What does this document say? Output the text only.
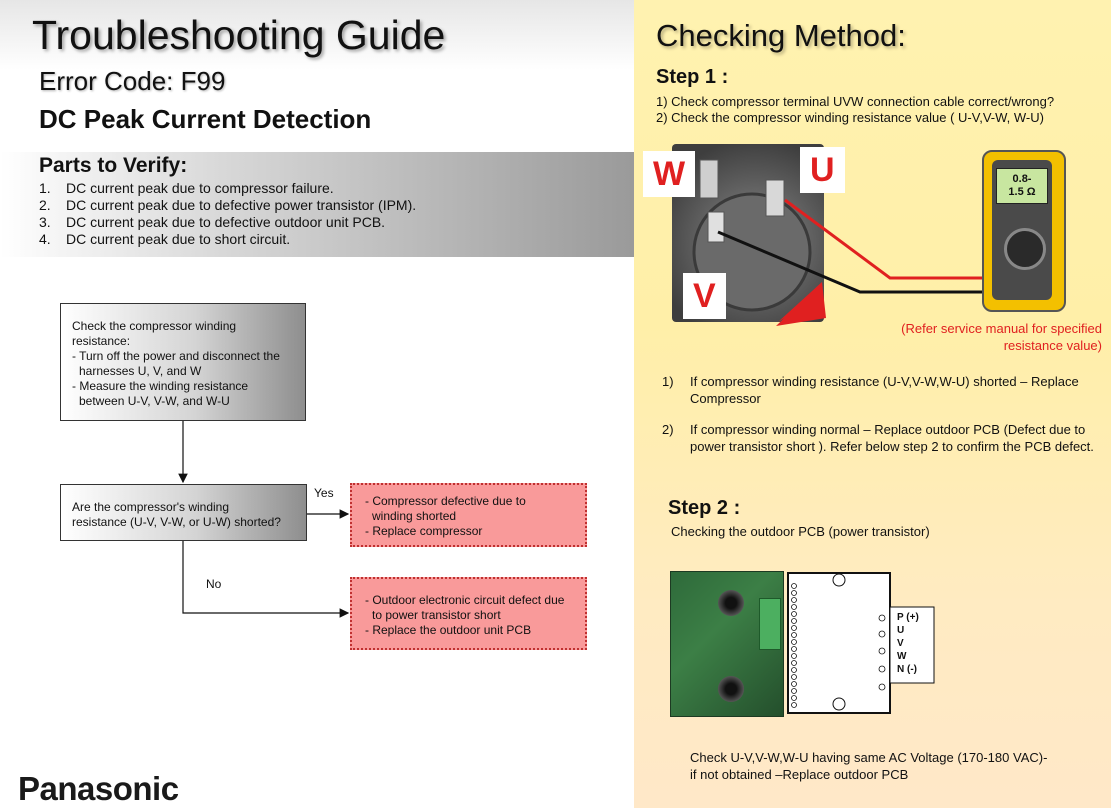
Troubleshooting Guide
Error Code: F99
DC Peak Current Detection
Parts to Verify:
1. DC current peak due to compressor failure.
2. DC current peak due to defective power transistor (IPM).
3. DC current peak due to defective outdoor unit PCB.
4. DC current peak due to short circuit.
Check the compressor winding
resistance:
- Turn off the power and disconnect the
harnesses U, V, and W
- Measure the winding resistance
between U-V, V-W, and W-U
Are the compressor's winding
resistance (U-V, V-W, or U-W) shorted?
Yes
No
- Compressor defective due to
winding shorted
- Replace compressor
- Outdoor electronic circuit defect due
to power transistor short
- Replace the outdoor unit PCB
Panasonic
Checking Method:
Step 1 :
1) Check compressor terminal UVW connection cable correct/wrong?
2) Check the compressor winding resistance value ( U-V,V-W, W-U)
W	U
V
0.8-
1.5 Ω
(Refer service manual for specified
resistance value)
1)	If compressor winding resistance (U-V,V-W,W-U) shorted – Replace Compressor
2)	If compressor winding normal – Replace outdoor PCB (Defect due to power transistor short ). Refer below step 2 to confirm the PCB defect.
Step 2 :
Checking the outdoor PCB (power transistor)
P (+)
U
V
W
N (-)
Check U-V,V-W,W-U having same AC Voltage (170-180 VAC)-
if not obtained –Replace outdoor PCB
